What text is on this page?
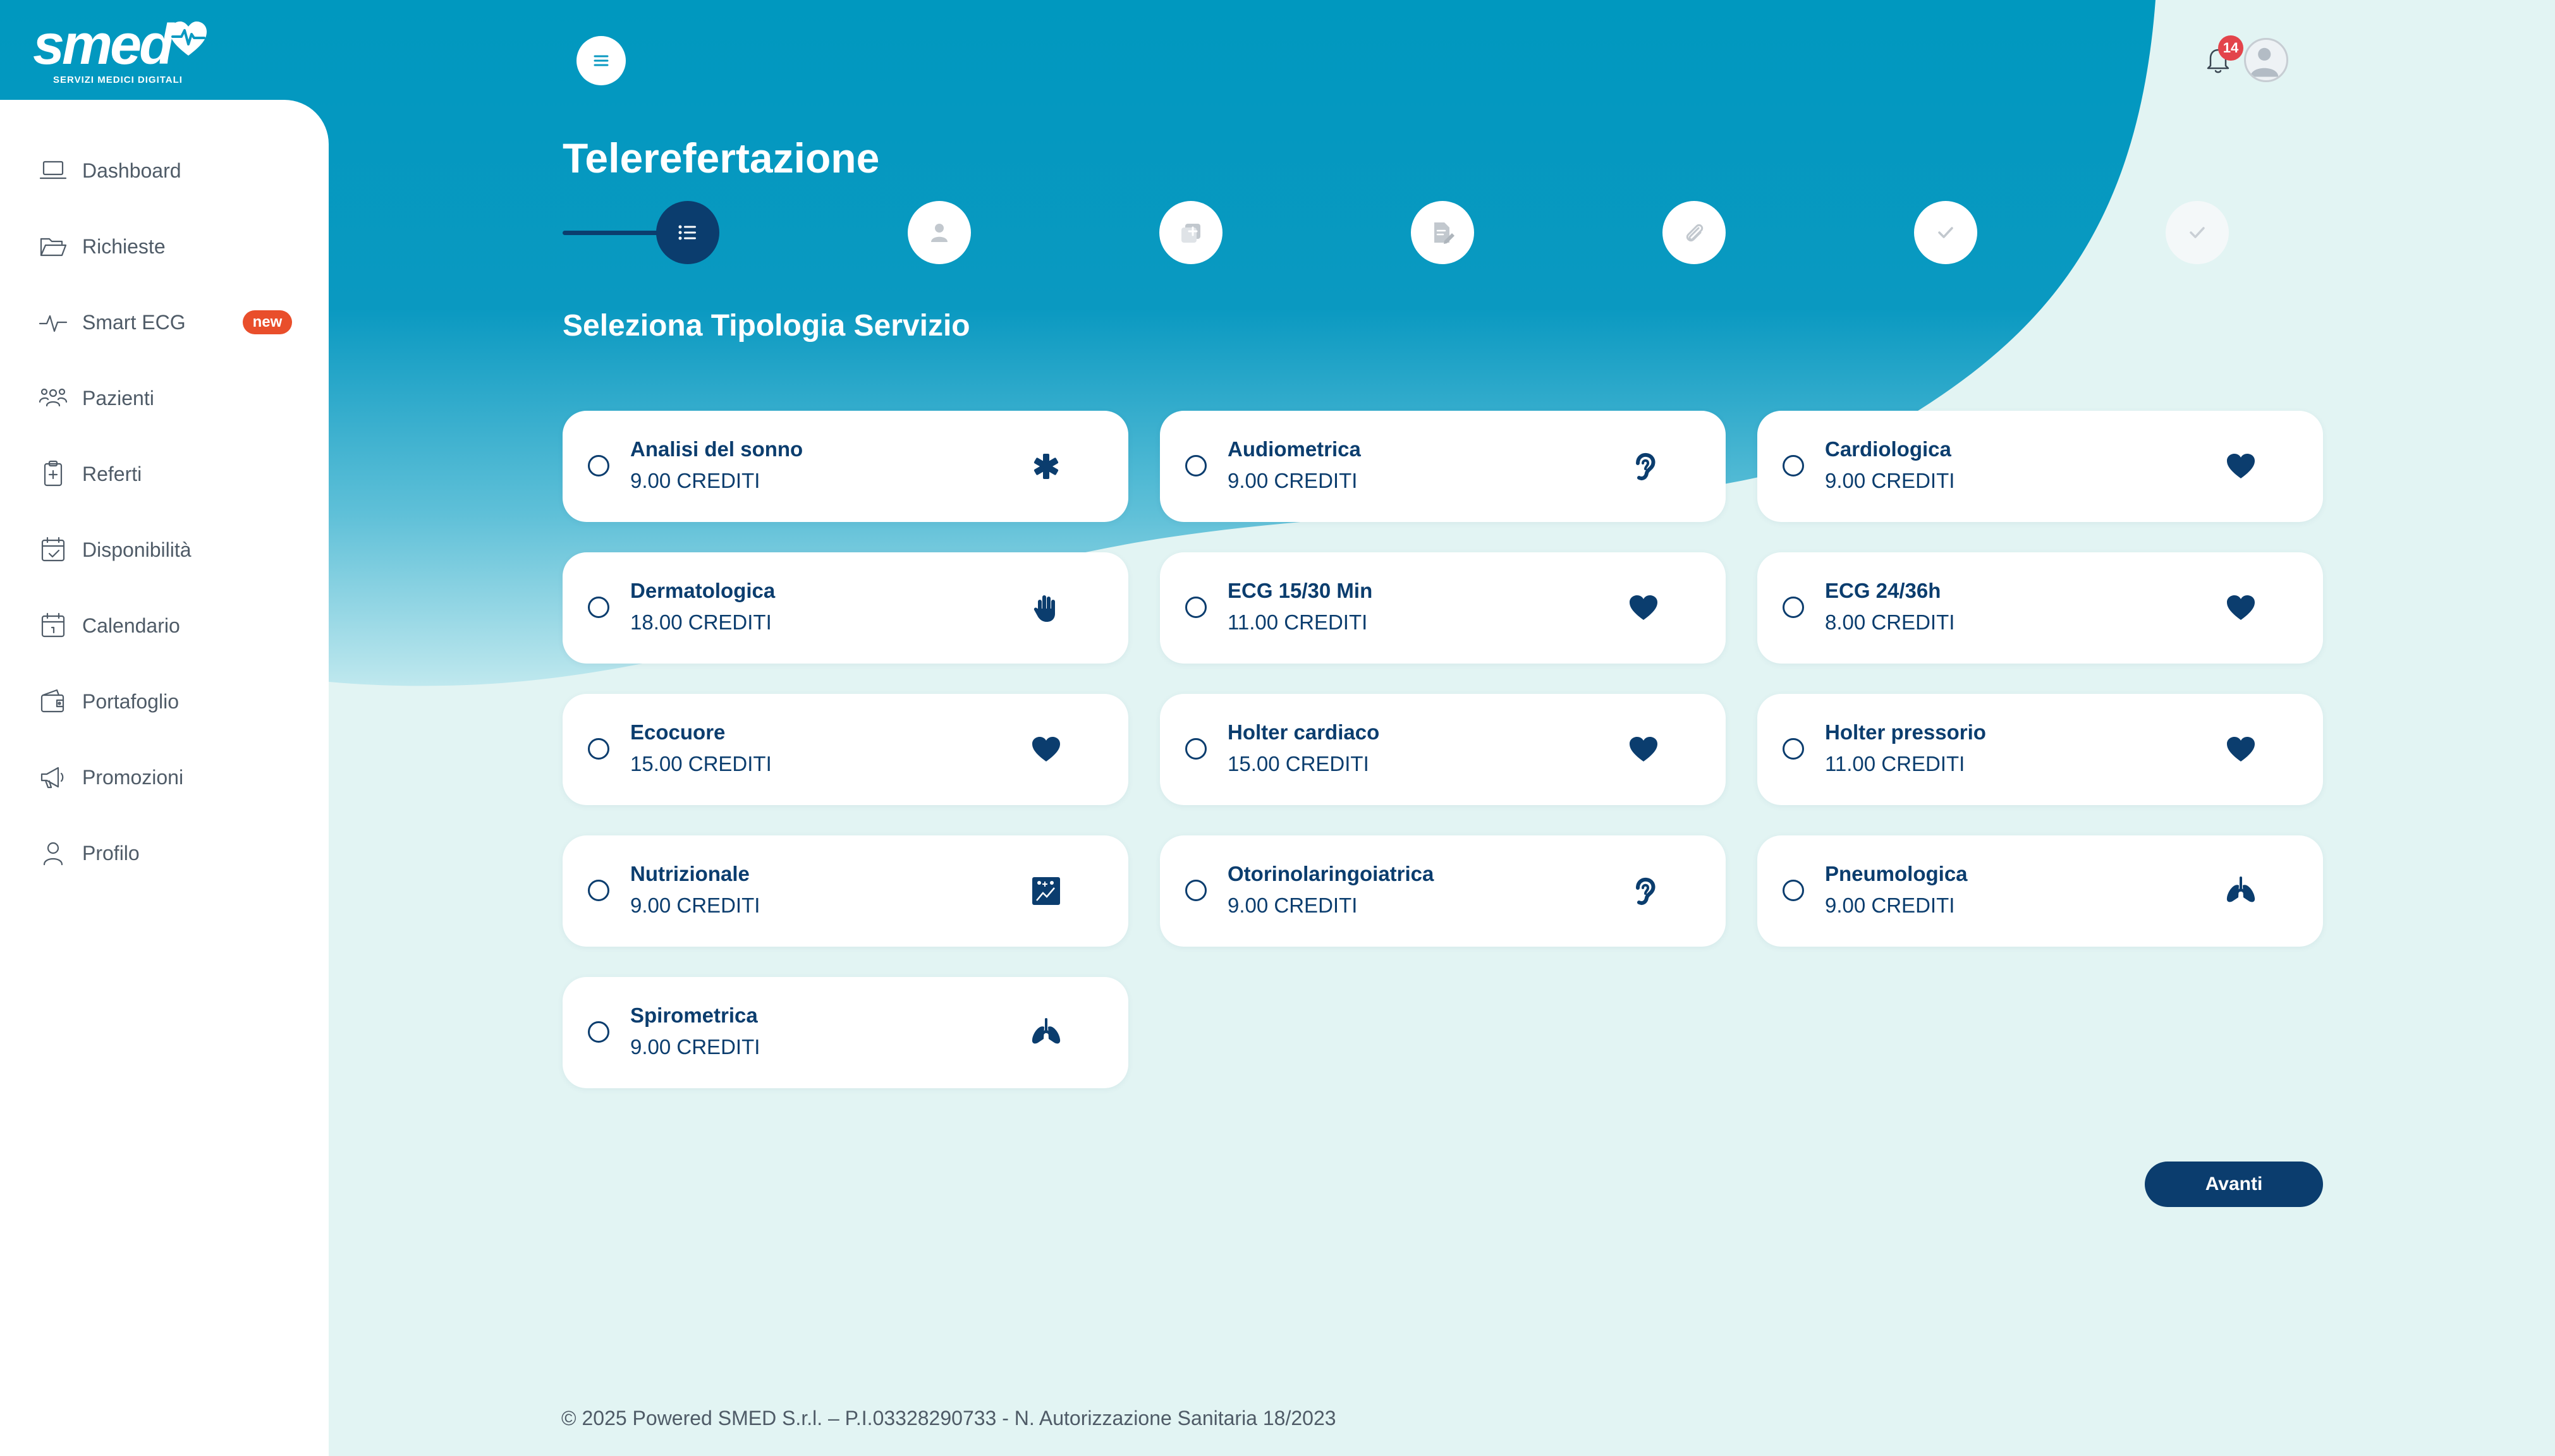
smed
SERVIZI MEDICI DIGITALI
Dashboard
Richieste
Smart ECG	new
Pazienti
Referti
Disponibilità
Calendario
Portafoglio
Promozioni
Profilo
14
Telerefertazione
Seleziona Tipologia Servizio
Analisi del sonno
9.00 CREDITI
Audiometrica
9.00 CREDITI
Cardiologica
9.00 CREDITI
Dermatologica
18.00 CREDITI
ECG 15/30 Min
11.00 CREDITI
ECG 24/36h
8.00 CREDITI
Ecocuore
15.00 CREDITI
Holter cardiaco
15.00 CREDITI
Holter pressorio
11.00 CREDITI
Nutrizionale
9.00 CREDITI
Otorinolaringoiatrica
9.00 CREDITI
Pneumologica
9.00 CREDITI
Spirometrica
9.00 CREDITI
Avanti
© 2025 Powered SMED S.r.l. – P.I.03328290733 - N. Autorizzazione Sanitaria 18/2023
